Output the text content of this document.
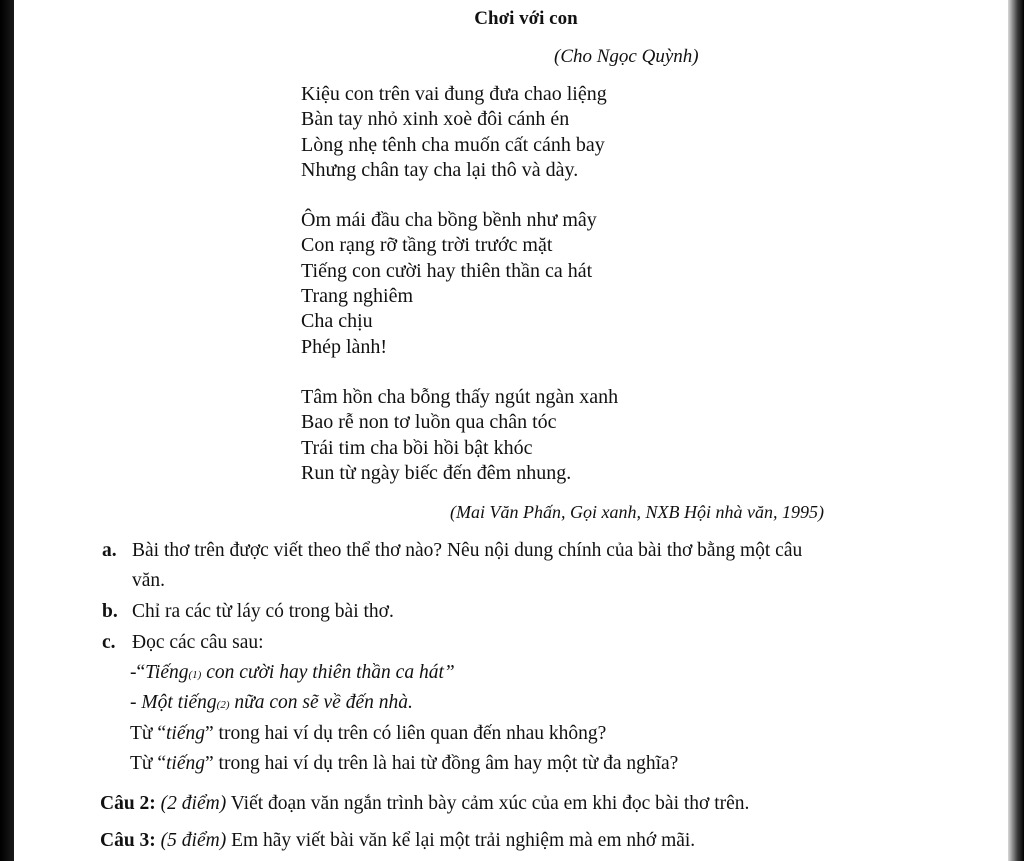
Chơi với con
(Cho Ngọc Quỳnh)
Kiệu con trên vai đung đưa chao liệng
Bàn tay nhỏ xinh xoè đôi cánh én
Lòng nhẹ tênh cha muốn cất cánh bay
Nhưng chân tay cha lại thô và dày.
Ôm mái đầu cha bồng bềnh như mây
Con rạng rỡ tầng trời trước mặt
Tiếng con cười hay thiên thần ca hát
Trang nghiêm
Cha chịu
Phép lành!
Tâm hồn cha bỗng thấy ngút ngàn xanh
Bao rễ non tơ luồn qua chân tóc
Trái tim cha bồi hồi bật khóc
Run từ ngày biếc đến đêm nhung.
(Mai Văn Phấn, Gọi xanh, NXB Hội nhà văn, 1995)
a. Bài thơ trên được viết theo thể thơ nào? Nêu nội dung chính của bài thơ bằng một câu
văn.
b. Chỉ ra các từ láy có trong bài thơ.
c. Đọc các câu sau:
-“Tiếng(1) con cười hay thiên thần ca hát”
- Một tiếng(2) nữa con sẽ về đến nhà.
Từ “tiếng” trong hai ví dụ trên có liên quan đến nhau không?
Từ “tiếng” trong hai ví dụ trên là hai từ đồng âm hay một từ đa nghĩa?
Câu 2: (2 điểm) Viết đoạn văn ngắn trình bày cảm xúc của em khi đọc bài thơ trên.
Câu 3: (5 điểm) Em hãy viết bài văn kể lại một trải nghiệm mà em nhớ mãi.
